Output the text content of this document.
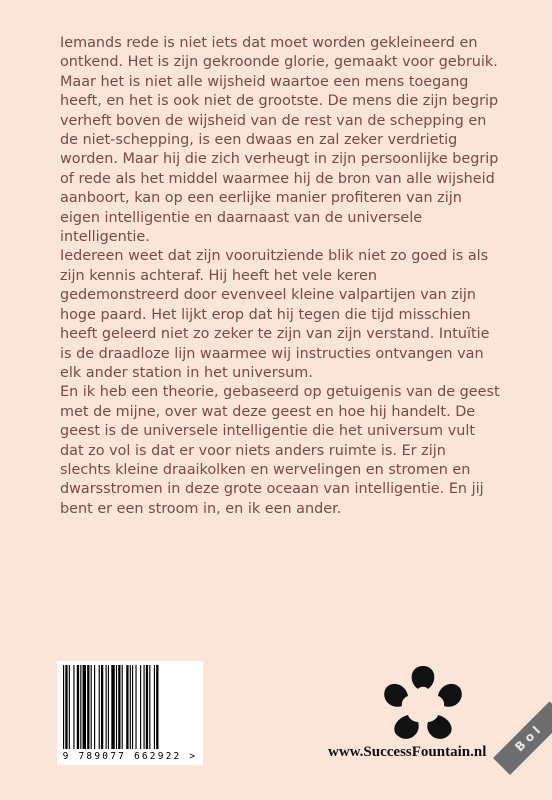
Iemands rede is niet iets dat moet worden gekleineerd en ontkend. Het is zijn gekroonde glorie, gemaakt voor gebruik. Maar het is niet alle wijsheid waartoe een mens toegang heeft, en het is ook niet de grootste. De mens die zijn begrip verheft boven de wijsheid van de rest van de schepping en de niet-schepping, is een dwaas en zal zeker verdrietig worden. Maar hij die zich verheugt in zijn persoonlijke begrip of rede als het middel waarmee hij de bron van alle wijsheid aanboort, kan op een eerlijke manier profiteren van zijn eigen intelligentie en daarnaast van de universele intelligentie.

Iedereen weet dat zijn vooruitziende blik niet zo goed is als zijn kennis achteraf. Hij heeft het vele keren gedemonstreerd door evenveel kleine valpartijen van zijn hoge paard. Het lijkt erop dat hij tegen die tijd misschien heeft geleerd niet zo zeker te zijn van zijn verstand. Intuïtie is de draadloze lijn waarmee wij instructies ontvangen van elk ander station in het universum.

En ik heb een theorie, gebaseerd op getuigenis van de geest met de mijne, over wat deze geest en hoe hij handelt. De geest is de universele intelligentie die het universum vult dat zo vol is dat er voor niets anders ruimte is. Er zijn slechts kleine draaikolken en wervelingen en stromen en dwarsstromen in deze grote oceaan van intelligentie. En jij bent er een stroom in, en ik een ander.

9 789077 662922 >	www.SuccessFountain.nl	Bol
